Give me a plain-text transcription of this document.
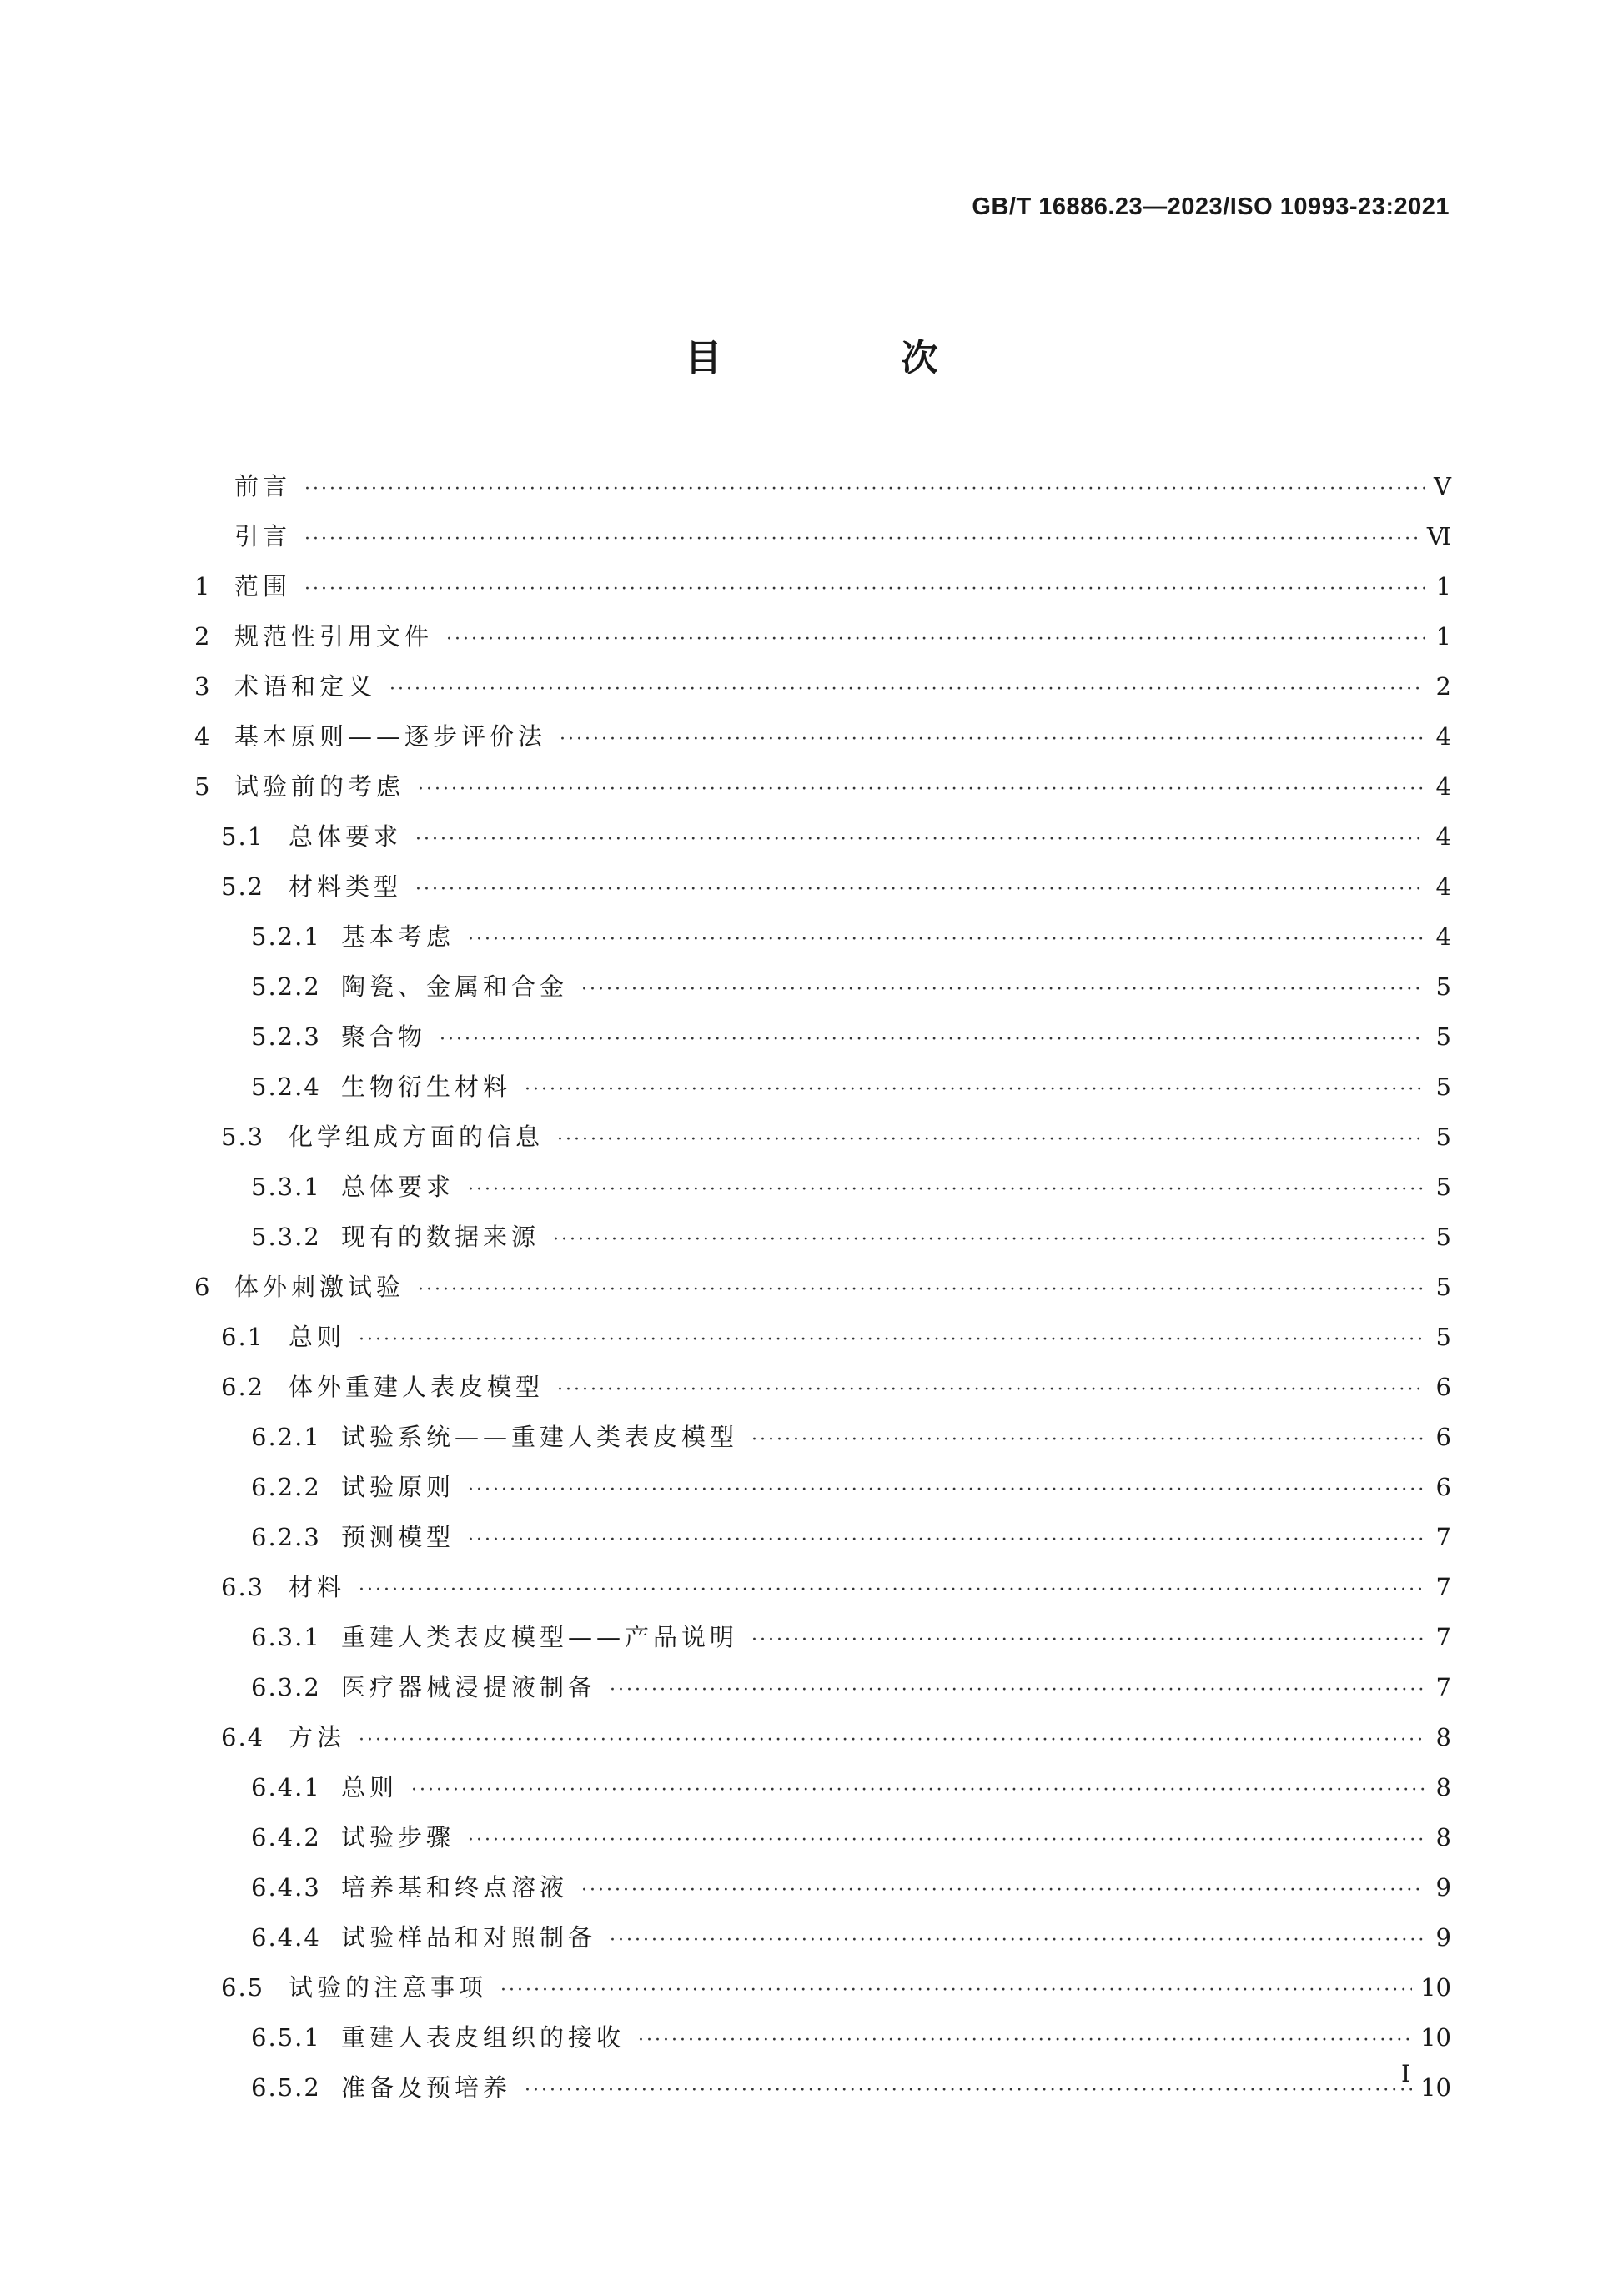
GB/T 16886.23—2023/ISO 10993-23:2021
目 次
前言 ·····	Ⅴ
引言 ·····	Ⅵ
1 范围 ·····	1
2 规范性引用文件 ·····	1
3 术语和定义 ·····	2
4 基本原则——逐步评价法 ·····	4
5 试验前的考虑 ·····	4
5.1 总体要求 ·····	4
5.2 材料类型 ·····	4
5.2.1 基本考虑 ·····	4
5.2.2 陶瓷、金属和合金 ·····	5
5.2.3 聚合物 ·····	5
5.2.4 生物衍生材料 ·····	5
5.3 化学组成方面的信息 ·····	5
5.3.1 总体要求 ·····	5
5.3.2 现有的数据来源 ·····	5
6 体外刺激试验 ·····	5
6.1 总则 ·····	5
6.2 体外重建人表皮模型 ·····	6
6.2.1 试验系统——重建人类表皮模型 ·····	6
6.2.2 试验原则 ·····	6
6.2.3 预测模型 ·····	7
6.3 材料 ·····	7
6.3.1 重建人类表皮模型——产品说明 ·····	7
6.3.2 医疗器械浸提液制备 ·····	7
6.4 方法 ·····	8
6.4.1 总则 ·····	8
6.4.2 试验步骤 ·····	8
6.4.3 培养基和终点溶液 ·····	9
6.4.4 试验样品和对照制备 ·····	9
6.5 试验的注意事项 ·····	10
6.5.1 重建人表皮组织的接收 ·····	10
6.5.2 准备及预培养 ·····	10
Ⅰ
